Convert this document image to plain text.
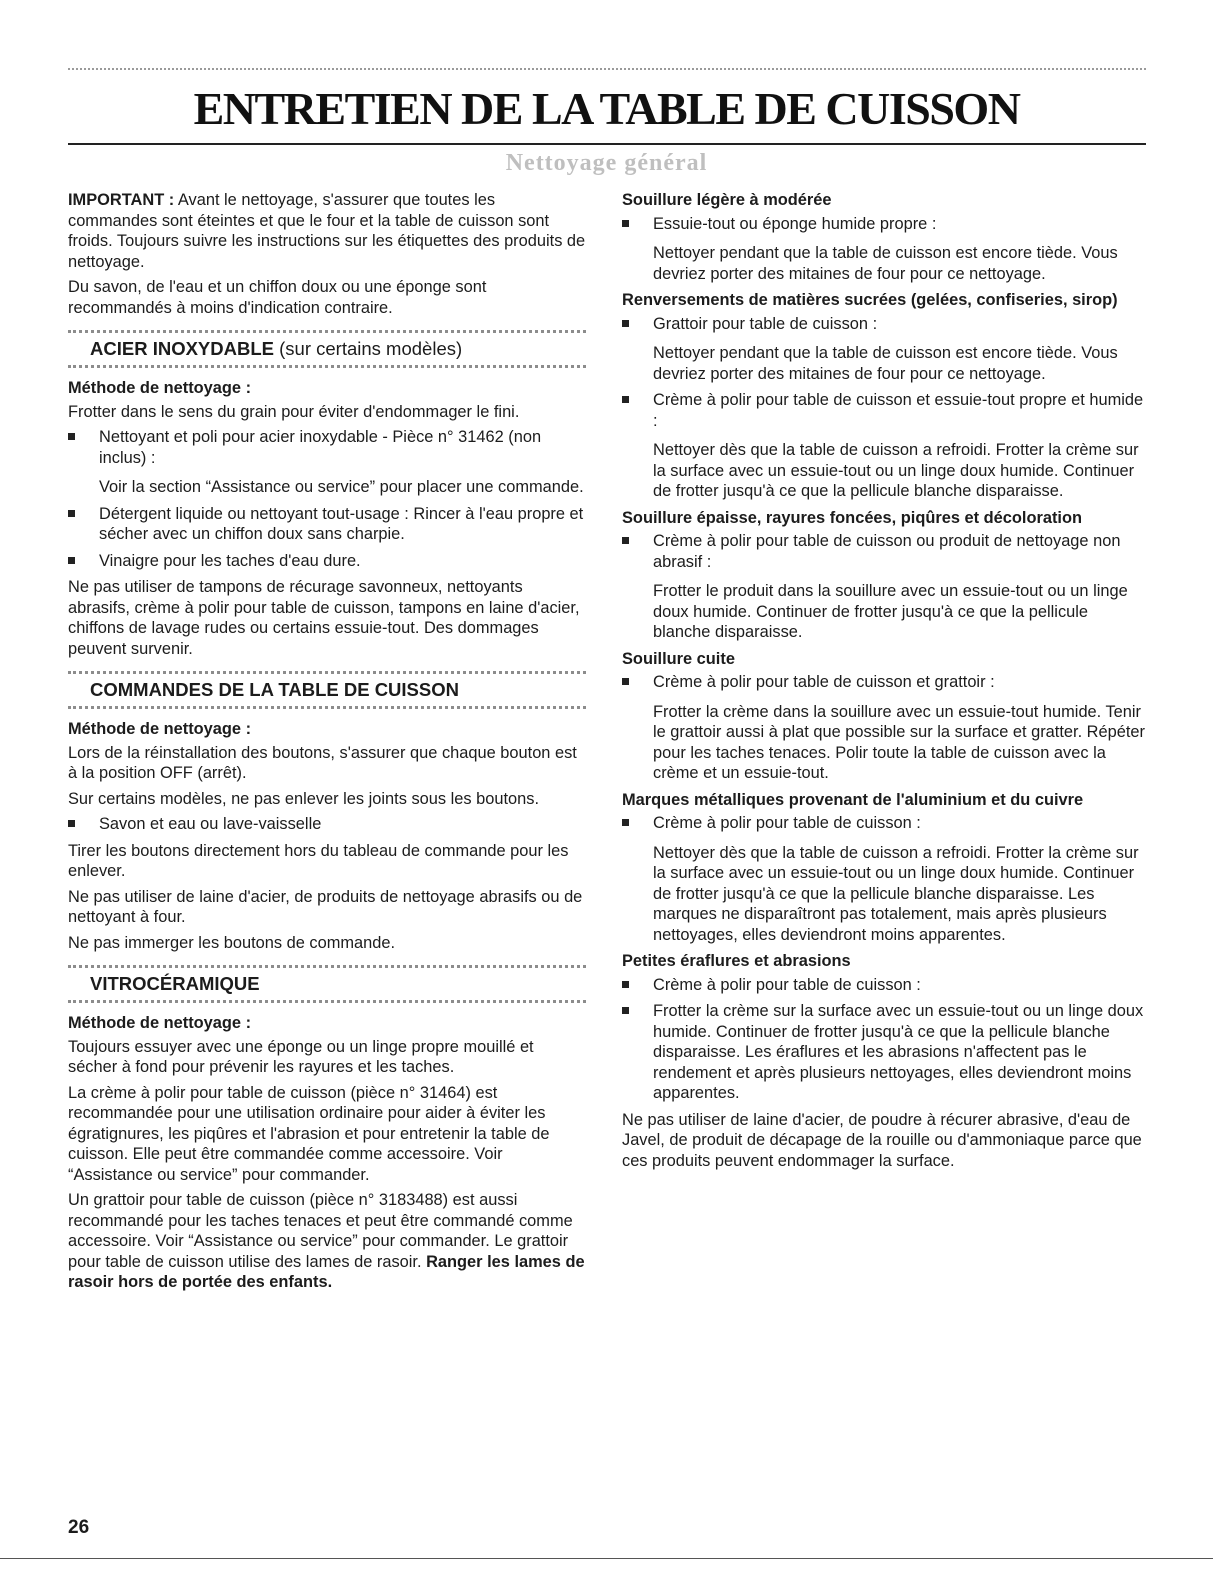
ENTRETIEN DE LA TABLE DE CUISSON
Nettoyage général

IMPORTANT : Avant le nettoyage, s'assurer que toutes les commandes sont éteintes et que le four et la table de cuisson sont froids. Toujours suivre les instructions sur les étiquettes des produits de nettoyage.

Du savon, de l'eau et un chiffon doux ou une éponge sont recommandés à moins d'indication contraire.

ACIER INOXYDABLE (sur certains modèles)

Méthode de nettoyage :

Frotter dans le sens du grain pour éviter d'endommager le fini.

Nettoyant et poli pour acier inoxydable - Pièce n° 31462 (non inclus) :
Voir la section “Assistance ou service” pour placer une commande.
Détergent liquide ou nettoyant tout-usage : Rincer à l'eau propre et sécher avec un chiffon doux sans charpie.
Vinaigre pour les taches d'eau dure.

Ne pas utiliser de tampons de récurage savonneux, nettoyants abrasifs, crème à polir pour table de cuisson, tampons en laine d'acier, chiffons de lavage rudes ou certains essuie-tout. Des dommages peuvent survenir.

COMMANDES DE LA TABLE DE CUISSON

Méthode de nettoyage :

Lors de la réinstallation des boutons, s'assurer que chaque bouton est à la position OFF (arrêt).

Sur certains modèles, ne pas enlever les joints sous les boutons.

Savon et eau ou lave-vaisselle

Tirer les boutons directement hors du tableau de commande pour les enlever.

Ne pas utiliser de laine d'acier, de produits de nettoyage abrasifs ou de nettoyant à four.

Ne pas immerger les boutons de commande.

VITROCÉRAMIQUE

Méthode de nettoyage :

Toujours essuyer avec une éponge ou un linge propre mouillé et sécher à fond pour prévenir les rayures et les taches.

La crème à polir pour table de cuisson (pièce n° 31464) est recommandée pour une utilisation ordinaire pour aider à éviter les égratignures, les piqûres et l'abrasion et pour entretenir la table de cuisson. Elle peut être commandée comme accessoire. Voir “Assistance ou service” pour commander.

Un grattoir pour table de cuisson (pièce n° 3183488) est aussi recommandé pour les taches tenaces et peut être commandé comme accessoire. Voir “Assistance ou service” pour commander. Le grattoir pour table de cuisson utilise des lames de rasoir. Ranger les lames de rasoir hors de portée des enfants.

Souillure légère à modérée

Essuie-tout ou éponge humide propre :
Nettoyer pendant que la table de cuisson est encore tiède. Vous devriez porter des mitaines de four pour ce nettoyage.

Renversements de matières sucrées (gelées, confiseries, sirop)

Grattoir pour table de cuisson :
Nettoyer pendant que la table de cuisson est encore tiède. Vous devriez porter des mitaines de four pour ce nettoyage.
Crème à polir pour table de cuisson et essuie-tout propre et humide :
Nettoyer dès que la table de cuisson a refroidi. Frotter la crème sur la surface avec un essuie-tout ou un linge doux humide. Continuer de frotter jusqu'à ce que la pellicule blanche disparaisse.

Souillure épaisse, rayures foncées, piqûres et décoloration

Crème à polir pour table de cuisson ou produit de nettoyage non abrasif :
Frotter le produit dans la souillure avec un essuie-tout ou un linge doux humide. Continuer de frotter jusqu'à ce que la pellicule blanche disparaisse.

Souillure cuite

Crème à polir pour table de cuisson et grattoir :
Frotter la crème dans la souillure avec un essuie-tout humide. Tenir le grattoir aussi à plat que possible sur la surface et gratter. Répéter pour les taches tenaces. Polir toute la table de cuisson avec la crème et un essuie-tout.

Marques métalliques provenant de l'aluminium et du cuivre

Crème à polir pour table de cuisson :
Nettoyer dès que la table de cuisson a refroidi. Frotter la crème sur la surface avec un essuie-tout ou un linge doux humide. Continuer de frotter jusqu'à ce que la pellicule blanche disparaisse. Les marques ne disparaîtront pas totalement, mais après plusieurs nettoyages, elles deviendront moins apparentes.

Petites éraflures et abrasions

Crème à polir pour table de cuisson :
Frotter la crème sur la surface avec un essuie-tout ou un linge doux humide. Continuer de frotter jusqu'à ce que la pellicule blanche disparaisse. Les éraflures et les abrasions n'affectent pas le rendement et après plusieurs nettoyages, elles deviendront moins apparentes.

Ne pas utiliser de laine d'acier, de poudre à récurer abrasive, d'eau de Javel, de produit de décapage de la rouille ou d'ammoniaque parce que ces produits peuvent endommager la surface.

26
